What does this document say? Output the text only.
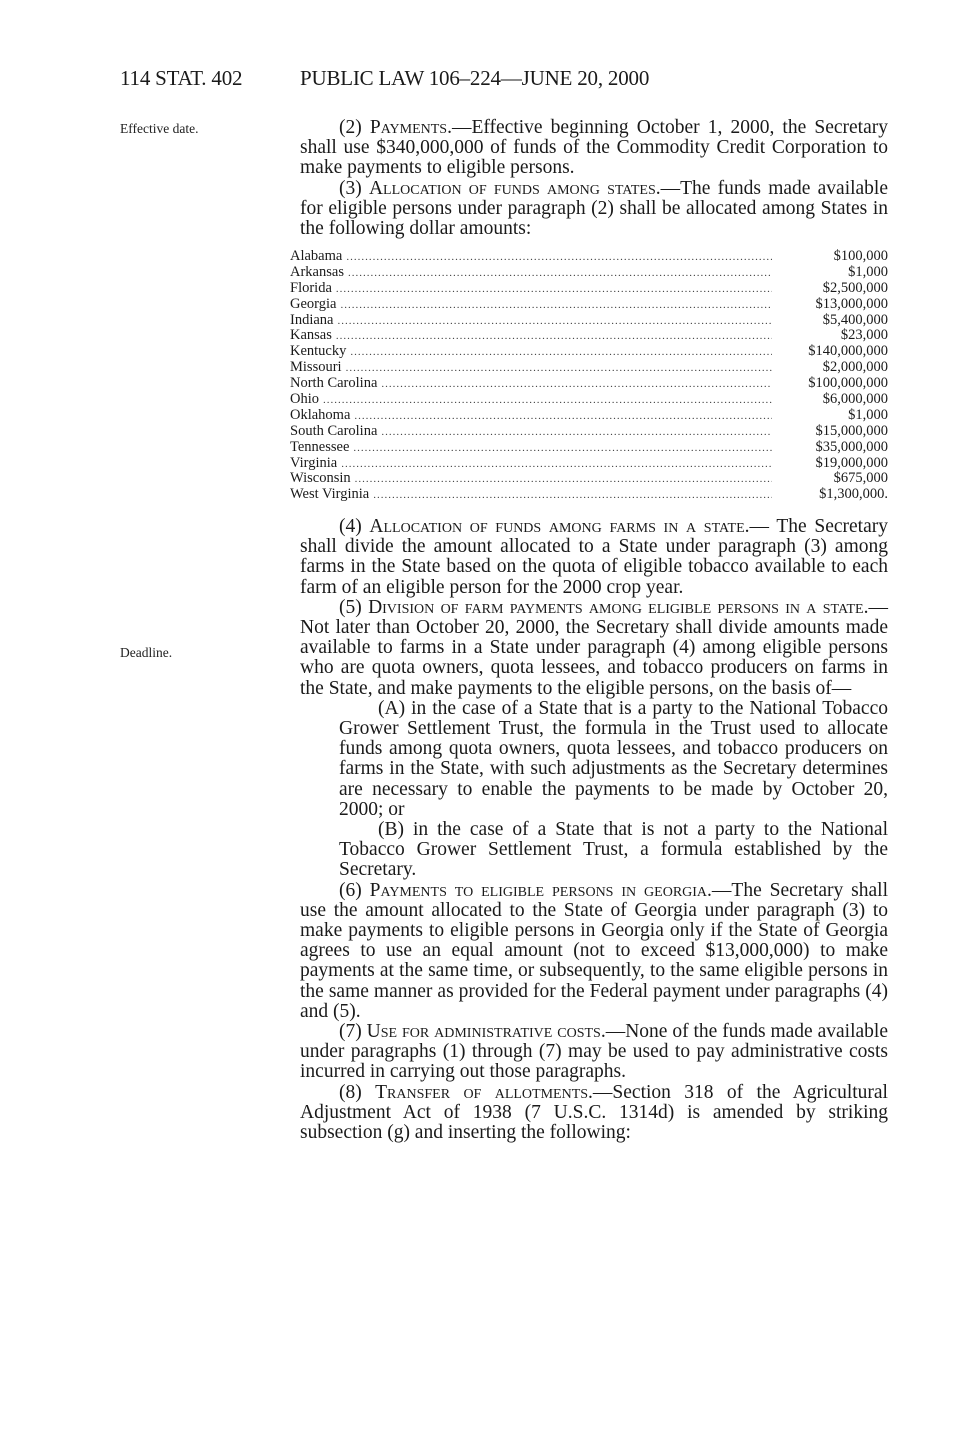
114 STAT. 402	PUBLIC LAW 106–224—JUNE 20, 2000
Effective date.
Deadline.

(2) Payments.—Effective beginning October 1, 2000, the Secretary shall use $340,000,000 of funds of the Commodity Credit Corporation to make payments to eligible persons.

(3) Allocation of funds among states.—The funds made available for eligible persons under paragraph (2) shall be allocated among States in the following dollar amounts:

Alabama .....	$100,000
Arkansas .....	$1,000
Florida .....	$2,500,000
Georgia .....	$13,000,000
Indiana .....	$5,400,000
Kansas .....	$23,000
Kentucky .....	$140,000,000
Missouri .....	$2,000,000
North Carolina .....	$100,000,000
Ohio .....	$6,000,000
Oklahoma .....	$1,000
South Carolina .....	$15,000,000
Tennessee .....	$35,000,000
Virginia .....	$19,000,000
Wisconsin .....	$675,000
West Virginia .....	$1,300,000.

(4) Allocation of funds among farms in a state.— The Secretary shall divide the amount allocated to a State under paragraph (3) among farms in the State based on the quota of eligible tobacco available to each farm of an eligible person for the 2000 crop year.

(5) Division of farm payments among eligible persons in a state.—Not later than October 20, 2000, the Secretary shall divide amounts made available to farms in a State under paragraph (4) among eligible persons who are quota owners, quota lessees, and tobacco producers on farms in the State, and make payments to the eligible persons, on the basis of—

(A) in the case of a State that is a party to the National Tobacco Grower Settlement Trust, the formula in the Trust used to allocate funds among quota owners, quota lessees, and tobacco producers on farms in the State, with such adjustments as the Secretary determines are necessary to enable the payments to be made by October 20, 2000; or

(B) in the case of a State that is not a party to the National Tobacco Grower Settlement Trust, a formula established by the Secretary.

(6) Payments to eligible persons in georgia.—The Secretary shall use the amount allocated to the State of Georgia under paragraph (3) to make payments to eligible persons in Georgia only if the State of Georgia agrees to use an equal amount (not to exceed $13,000,000) to make payments at the same time, or subsequently, to the same eligible persons in the same manner as provided for the Federal payment under paragraphs (4) and (5).

(7) Use for administrative costs.—None of the funds made available under paragraphs (1) through (7) may be used to pay administrative costs incurred in carrying out those paragraphs.

(8) Transfer of allotments.—Section 318 of the Agricultural Adjustment Act of 1938 (7 U.S.C. 1314d) is amended by striking subsection (g) and inserting the following:
